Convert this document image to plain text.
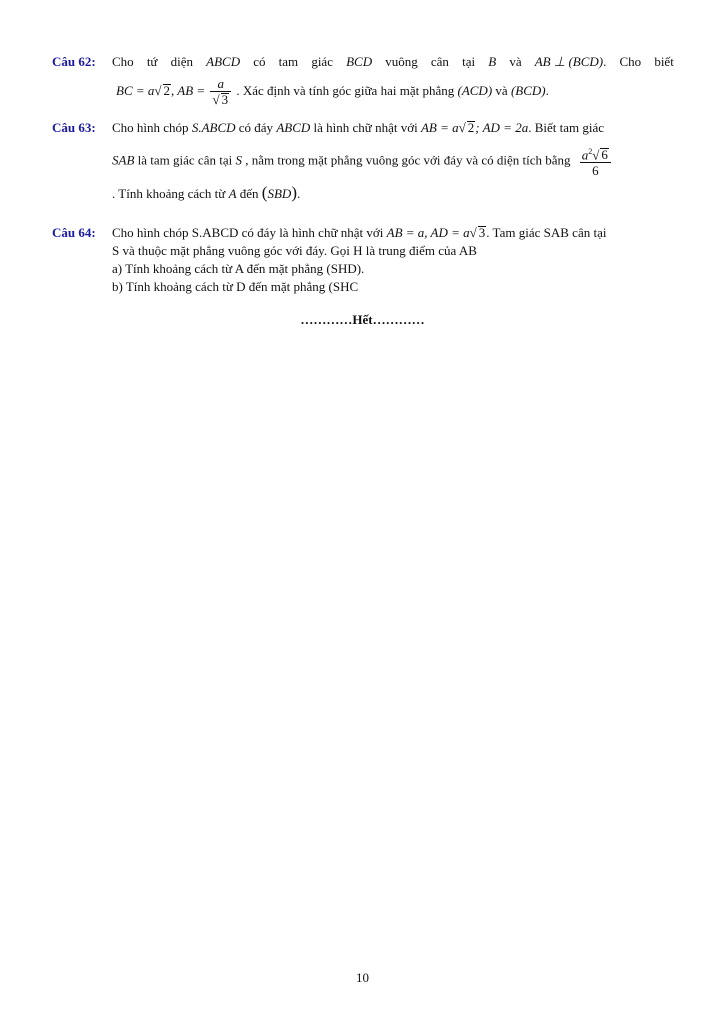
Câu 62: Cho tứ diện ABCD có tam giác BCD vuông cân tại B và AB ⊥ (BCD). Cho biết
BC = a√ 2, AB = $\frac{a}{√ 3}$ . Xác định và tính góc giữa hai mặt phẳng (ACD) và (BCD).
Câu 63: Cho hình chóp S.ABCD có đáy ABCD là hình chữ nhật với AB = a√ 2; AD = 2a. Biết tam giác
SAB là tam giác cân tại S , nằm trong mặt phẳng vuông góc với đáy và có diện tích bằng $\frac{a^2√ 6}{6}$
. Tính khoảng cách từ A đến (SBD).
Câu 64: Cho hình chóp S.ABCD có đáy là hình chữ nhật với AB = a, AD = a√ 3. Tam giác SAB cân tại
S và thuộc mặt phẳng vuông góc với đáy. Gọi H là trung điểm của AB
a) Tính khoảng cách từ A đến mặt phẳng (SHD).
b) Tính khoảng cách từ D đến mặt phẳng (SHC
…………Hết…………
10
